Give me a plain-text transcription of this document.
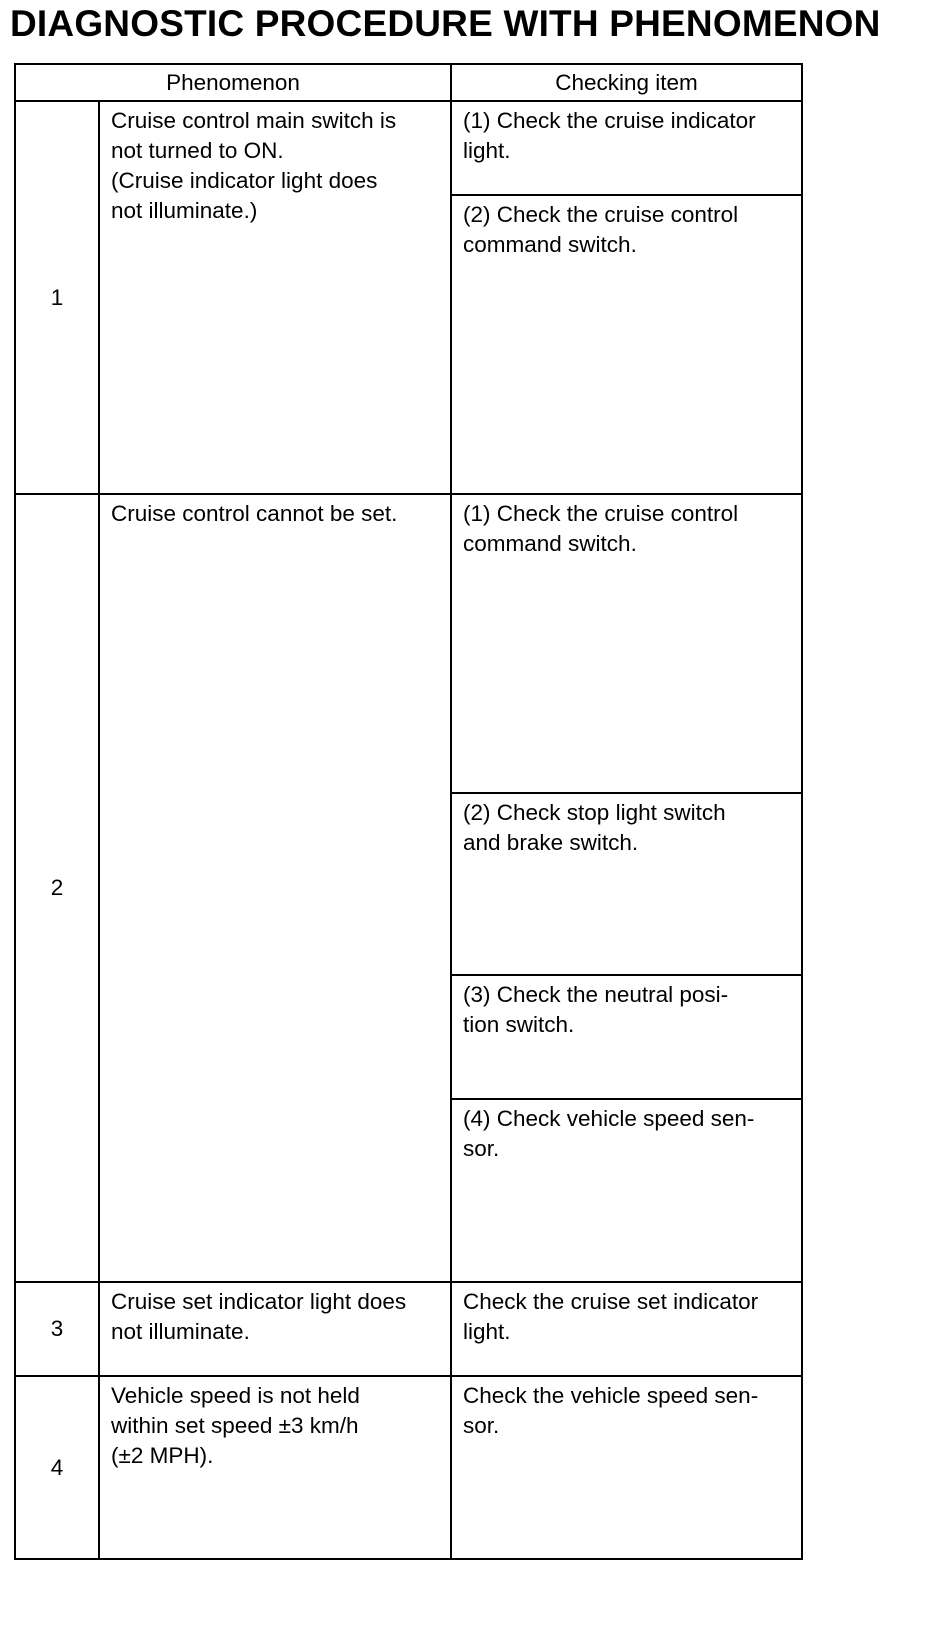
DIAGNOSTIC PROCEDURE WITH PHENOMENON
Phenomenon		Checking item
1	Cruise control main switch is
not turned to ON.
(Cruise indicator light does
not illuminate.)	(1) Check the cruise indicator
light.
		(2) Check the cruise control
command switch.
2	Cruise control cannot be set.	(1) Check the cruise control
command switch.
		(2) Check stop light switch
and brake switch.
		(3) Check the neutral posi-
tion switch.
		(4) Check vehicle speed sen-
sor.
3	Cruise set indicator light does
not illuminate.	Check the cruise set indicator
light.
4	Vehicle speed is not held
within set speed ±3 km/h
(±2 MPH).	Check the vehicle speed sen-
sor.
